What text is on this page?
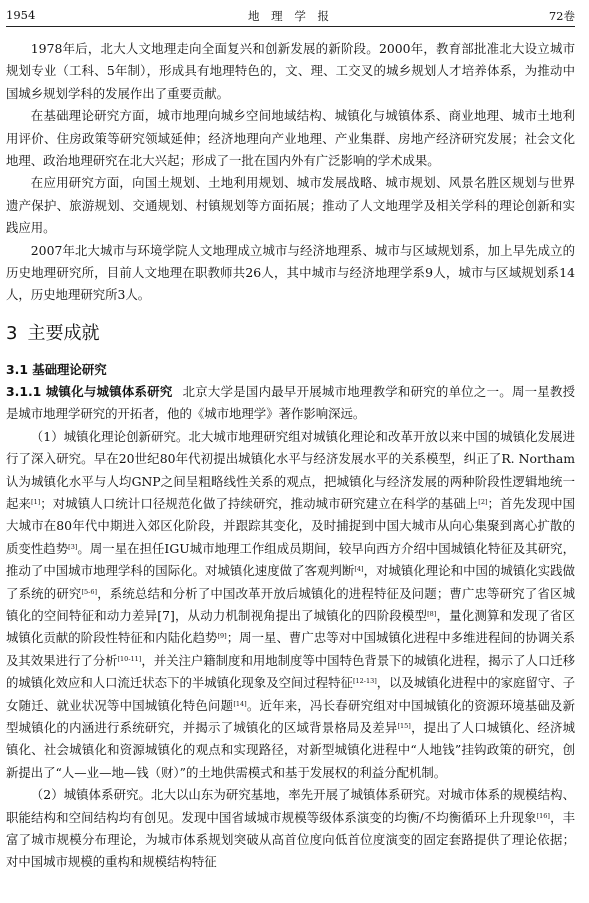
1954	地 理 学 报	72卷

1978年后，北大人文地理走向全面复兴和创新发展的新阶段。2000年，教育部批准北大设立城市规划专业（工科、5年制），形成具有地理特色的，文、理、工交叉的城乡规划人才培养体系，为推动中国城乡规划学科的发展作出了重要贡献。

在基础理论研究方面，城市地理向城乡空间地域结构、城镇化与城镇体系、商业地理、城市土地利用评价、住房政策等研究领域延伸；经济地理向产业地理、产业集群、房地产经济研究发展；社会文化地理、政治地理研究在北大兴起；形成了一批在国内外有广泛影响的学术成果。

在应用研究方面，向国土规划、土地利用规划、城市发展战略、城市规划、风景名胜区规划与世界遗产保护、旅游规划、交通规划、村镇规划等方面拓展；推动了人文地理学及相关学科的理论创新和实践应用。

2007年北大城市与环境学院人文地理成立城市与经济地理系、城市与区域规划系，加上早先成立的历史地理研究所，目前人文地理在职教师共26人，其中城市与经济地理学系9人，城市与区域规划系14人，历史地理研究所3人。

3 主要成就
3.1 基础理论研究

3.1.1 城镇化与城镇体系研究 北京大学是国内最早开展城市地理教学和研究的单位之一。周一星教授是城市地理学研究的开拓者，他的《城市地理学》著作影响深远。

（1）城镇化理论创新研究。北大城市地理研究组对城镇化理论和改革开放以来中国的城镇化发展进行了深入研究。早在20世纪80年代初提出城镇化水平与经济发展水平的关系模型，纠正了R. Northam认为城镇化水平与人均GNP之间呈粗略线性关系的观点，把城镇化与经济发展的两种阶段性逻辑地统一起来[1]；对城镇人口统计口径规范化做了持续研究，推动城市研究建立在科学的基础上[2]；首先发现中国大城市在80年代中期进入郊区化阶段，并跟踪其变化，及时捕捉到中国大城市从向心集聚到离心扩散的质变性趋势[3]。周一星在担任IGU城市地理工作组成员期间，较早向西方介绍中国城镇化特征及其研究，推动了中国城市地理学科的国际化。对城镇化速度做了客观判断[4]，对城镇化理论和中国的城镇化实践做了系统的研究[5-6]，系统总结和分析了中国改革开放后城镇化的进程特征及问题；曹广忠等研究了省区城镇化的空间特征和动力差异[7]，从动力机制视角提出了城镇化的四阶段模型[8]，量化测算和发现了省区城镇化贡献的阶段性特征和内陆化趋势[9]；周一星、曹广忠等对中国城镇化进程中多维进程间的协调关系及其效果进行了分析[10-11]，并关注户籍制度和用地制度等中国特色背景下的城镇化进程，揭示了人口迁移的城镇化效应和人口流迁状态下的半城镇化现象及空间过程特征[12-13]，以及城镇化进程中的家庭留守、子女随迁、就业状况等中国城镇化特色问题[14]。近年来，冯长春研究组对中国城镇化的资源环境基础及新型城镇化的内涵进行系统研究，并揭示了城镇化的区域背景格局及差异[15]，提出了人口城镇化、经济城镇化、社会城镇化和资源城镇化的观点和实现路径，对新型城镇化进程中“人地钱”挂钩政策的研究，创新提出了“人—业—地—钱（财）”的土地供需模式和基于发展权的利益分配机制。

（2）城镇体系研究。北大以山东为研究基地，率先开展了城镇体系研究。对城市体系的规模结构、职能结构和空间结构均有创见。发现中国省域城市规模等级体系演变的均衡/不均衡循环上升现象[16]，丰富了城市规模分布理论，为城市体系规划突破从高首位度向低首位度演变的固定套路提供了理论依据；对中国城市规模的重构和规模结构特征
